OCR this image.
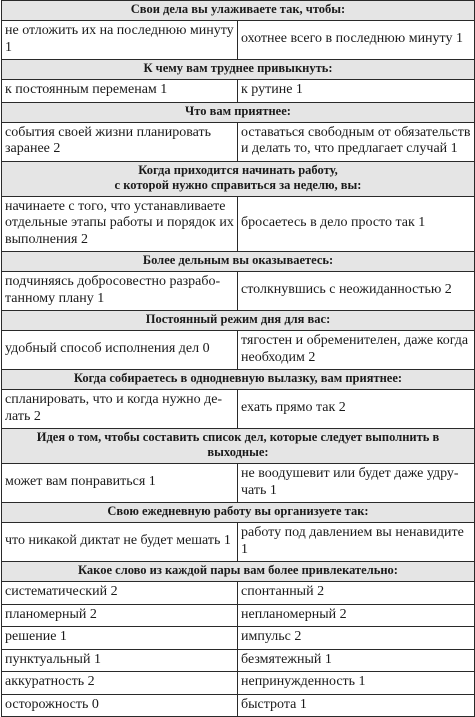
Свои дела вы улаживаете так, чтобы:	
не отложить их на последнюю минуту 1	охотнее всего в последнюю минуту 1
К чему вам труднее привыкнуть:	
к постоянным переменам 1	к рутине 1
Что вам приятнее:	
события своей жизни планировать заранее 2	оставаться свободным от обязательств и делать то, что предлагает случай 1
Когда приходится начинать работу,
с которой нужно справиться за неделю, вы:	
начинаете с того, что устанавливаете отдельные этапы работы и порядок их выполнения 2	бросаетесь в дело просто так 1
Более дельным вы оказываетесь:	
подчиняясь добросовестно разрабо-танному плану 1	столкнувшись с неожиданностью 2
Постоянный режим дня для вас:	
удобный способ исполнения дел 0	тягостен и обременителен, даже когда необходим 2
Когда собираетесь в однодневную вылазку, вам приятнее:	
спланировать, что и когда нужно де-лать 2	ехать прямо так 2
Идея о том, чтобы составить список дел, которые следует выполнить в выходные:	
может вам понравиться 1	не воодушевит или будет даже удру-чать 1
Свою ежедневную работу вы организуете так:	
что никакой диктат не будет мешать 1	работу под давлением вы ненавидите 1
Какое слово из каждой пары вам более привлекательно:	
систематический 2	спонтанный 2
планомерный 2	непланомерный 2
решение 1	импульс 2
пунктуальный 1	безмятежный 1
аккуратность 2	непринужденность 1
осторожность 0	быстрота 1
